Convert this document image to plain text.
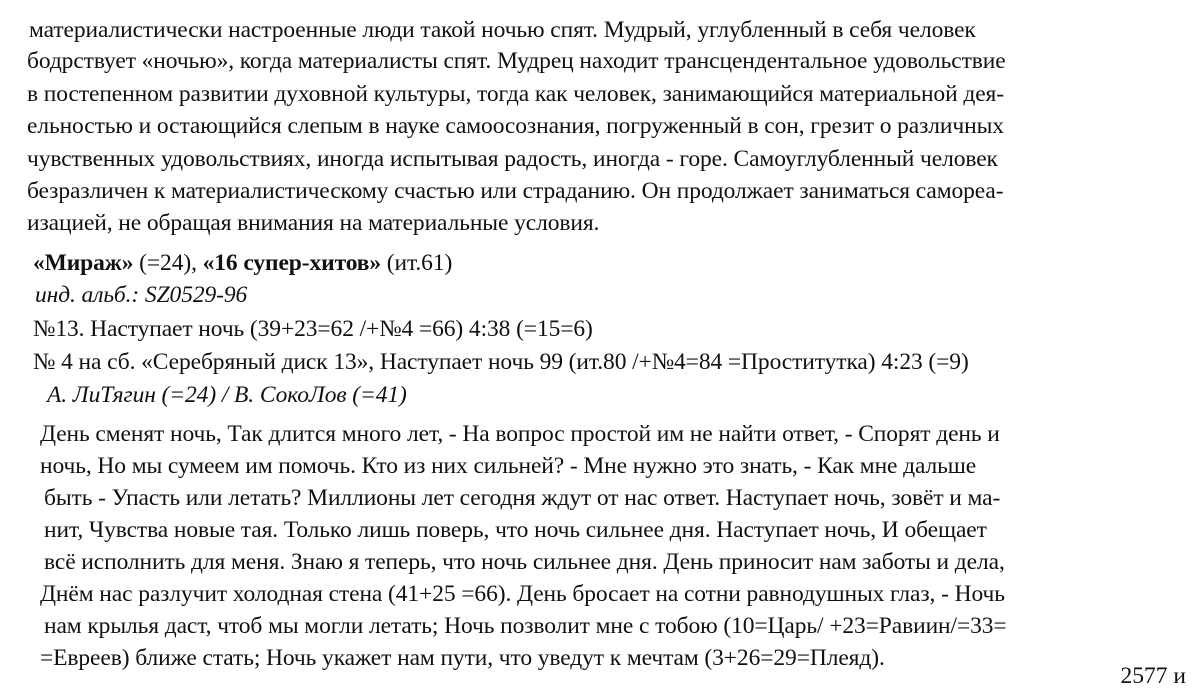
материалистически настроенные люди такой ночью спят. Мудрый, углубленный в себя человек
бодрствует «ночью», когда материалисты спят. Мудрец находит трансцендентальное удовольствие
в постепенном развитии духовной культуры, тогда как человек, занимающийся материальной дея-
ельностью и остающийся слепым в науке самоосознания, погруженный в сон, грезит о различных
чувственных удовольствиях, иногда испытывая радость, иногда - горе. Самоуглубленный человек
безразличен к материалистическому счастью или страданию. Он продолжает заниматься самореа-
изацией, не обращая внимания на материальные условия.
«Мираж» (=24), «16 супер-хитов» (ит.61)
инд. альб.: SZ0529-96
№13. Наступает ночь (39+23=62 /+№4 =66) 4:38 (=15=6)
№ 4 на сб. «Серебряный диск 13», Наступает ночь 99 (ит.80 /+№4=84 =Проститутка) 4:23 (=9)
А. ЛиТягин (=24) / В. СокоЛов (=41)
День сменят ночь, Так длится много лет, - На вопрос простой им не найти ответ, - Спорят день и
ночь, Но мы сумеем им помочь. Кто из них сильней? - Мне нужно это знать, - Как мне дальше
быть - Упасть или летать? Миллионы лет сегодня ждут от нас ответ. Наступает ночь, зовёт и ма-
нит, Чувства новые тая. Только лишь поверь, что ночь сильнее дня. Наступает ночь, И обещает
всё исполнить для меня. Знаю я теперь, что ночь сильнее дня. День приносит нам заботы и дела,
Днём нас разлучит холодная стена (41+25 =66). День бросает на сотни равнодушных глаз, - Ночь
нам крылья даст, чтоб мы могли летать; Ночь позволит мне с тобою (10=Царь/ +23=Равиин/=33=
=Евреев) ближе стать; Ночь укажет нам пути, что уведут к мечтам (3+26=29=Плеяд).
2577 и
